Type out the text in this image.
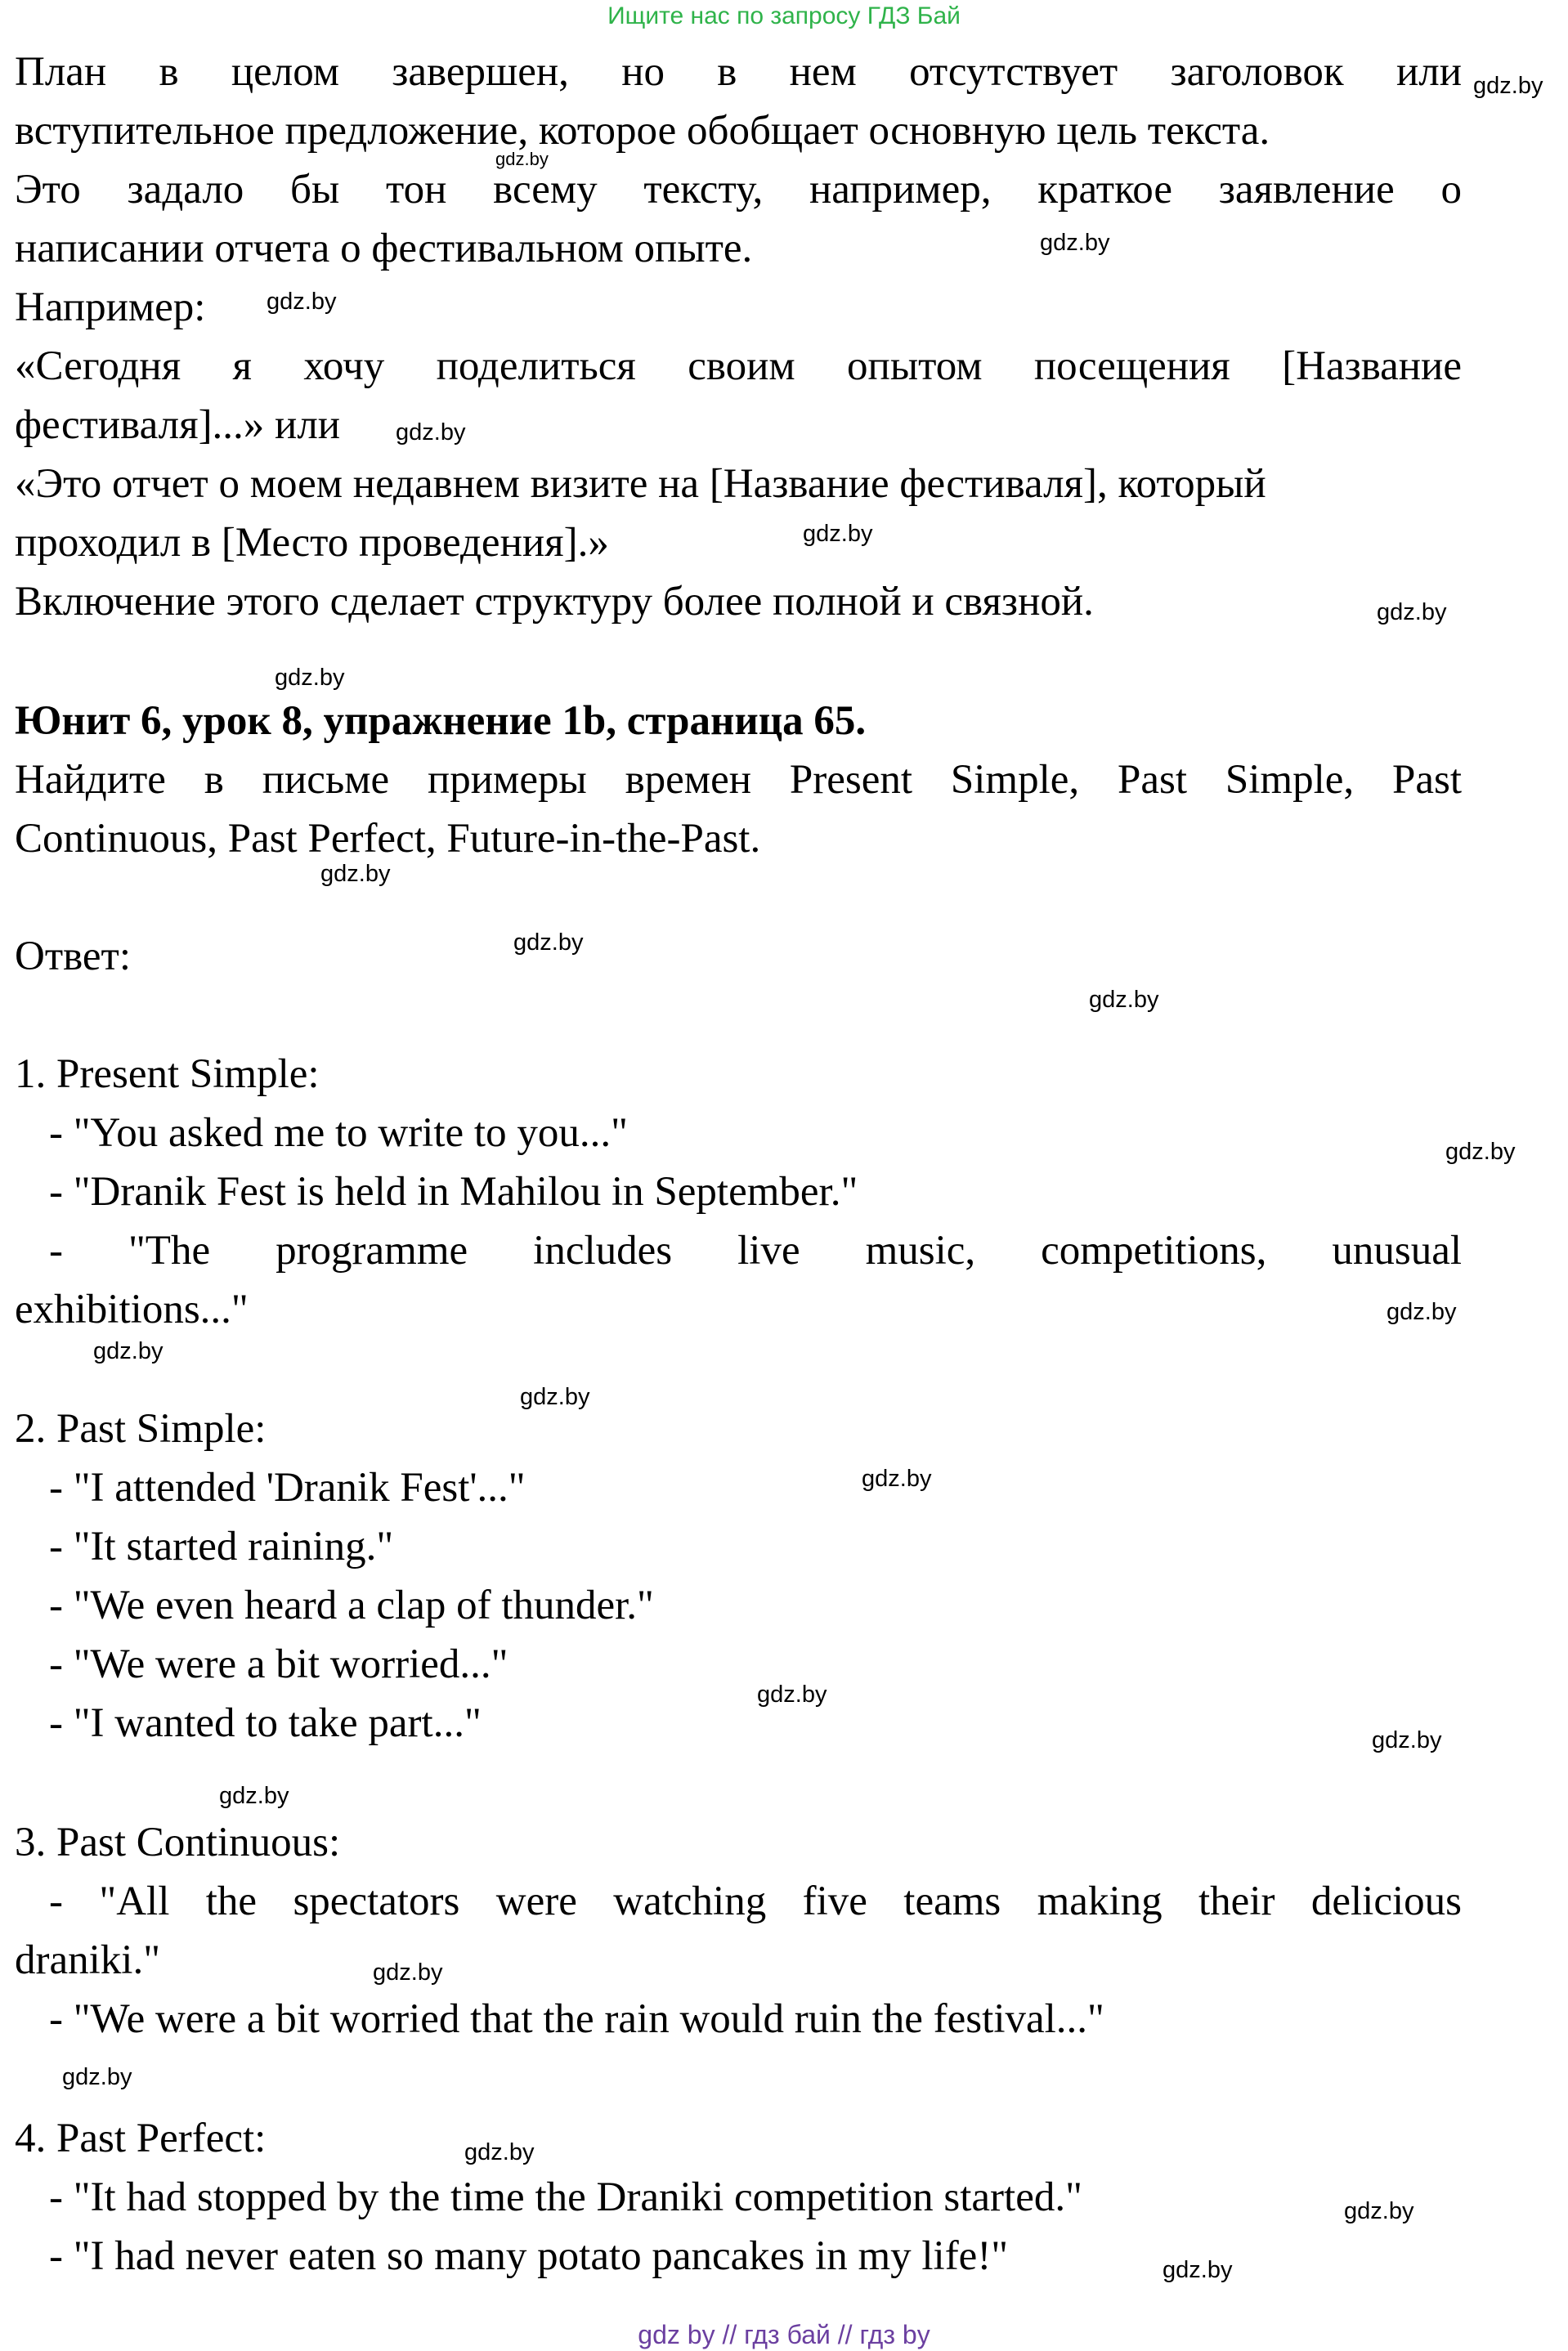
Ищите нас по запросу ГДЗ Бай
План в целом завершен, но в нем отсутствует заголовок или
вступительное предложение, которое обобщает основную цель текста.
Это задало бы тон всему тексту, например, краткое заявление о
написании отчета о фестивальном опыте.
Например:
«Сегодня я хочу поделиться своим опытом посещения [Название
фестиваля]...» или
«Это отчет о моем недавнем визите на [Название фестиваля], который
проходил в [Место проведения].»
Включение этого сделает структуру более полной и связной.
Юнит 6, урок 8, упражнение 1b, страница 65.
Найдите в письме примеры времен Present Simple, Past Simple, Past
Continuous, Past Perfect, Future-in-the-Past.
Ответ:
1. Present Simple:
- "You asked me to write to you..."
- "Dranik Fest is held in Mahilou in September."
- "The programme includes live music, competitions, unusual
exhibitions..."
2. Past Simple:
- "I attended 'Dranik Fest'..."
- "It started raining."
- "We even heard a clap of thunder."
- "We were a bit worried..."
- "I wanted to take part..."
3. Past Continuous:
- "All the spectators were watching five teams making their delicious
draniki."
- "We were a bit worried that the rain would ruin the festival..."
4. Past Perfect:
- "It had stopped by the time the Draniki competition started."
- "I had never eaten so many potato pancakes in my life!"
gdz.by
gdz.by
gdz.by
gdz.by
gdz.by
gdz.by
gdz.by
gdz.by
gdz.by
gdz.by
gdz.by
gdz.by
gdz.by
gdz.by
gdz.by
gdz.by
gdz.by
gdz.by
gdz.by
gdz.by
gdz.by
gdz.by
gdz.by
gdz.by
gdz by // гдз бай // гдз by
